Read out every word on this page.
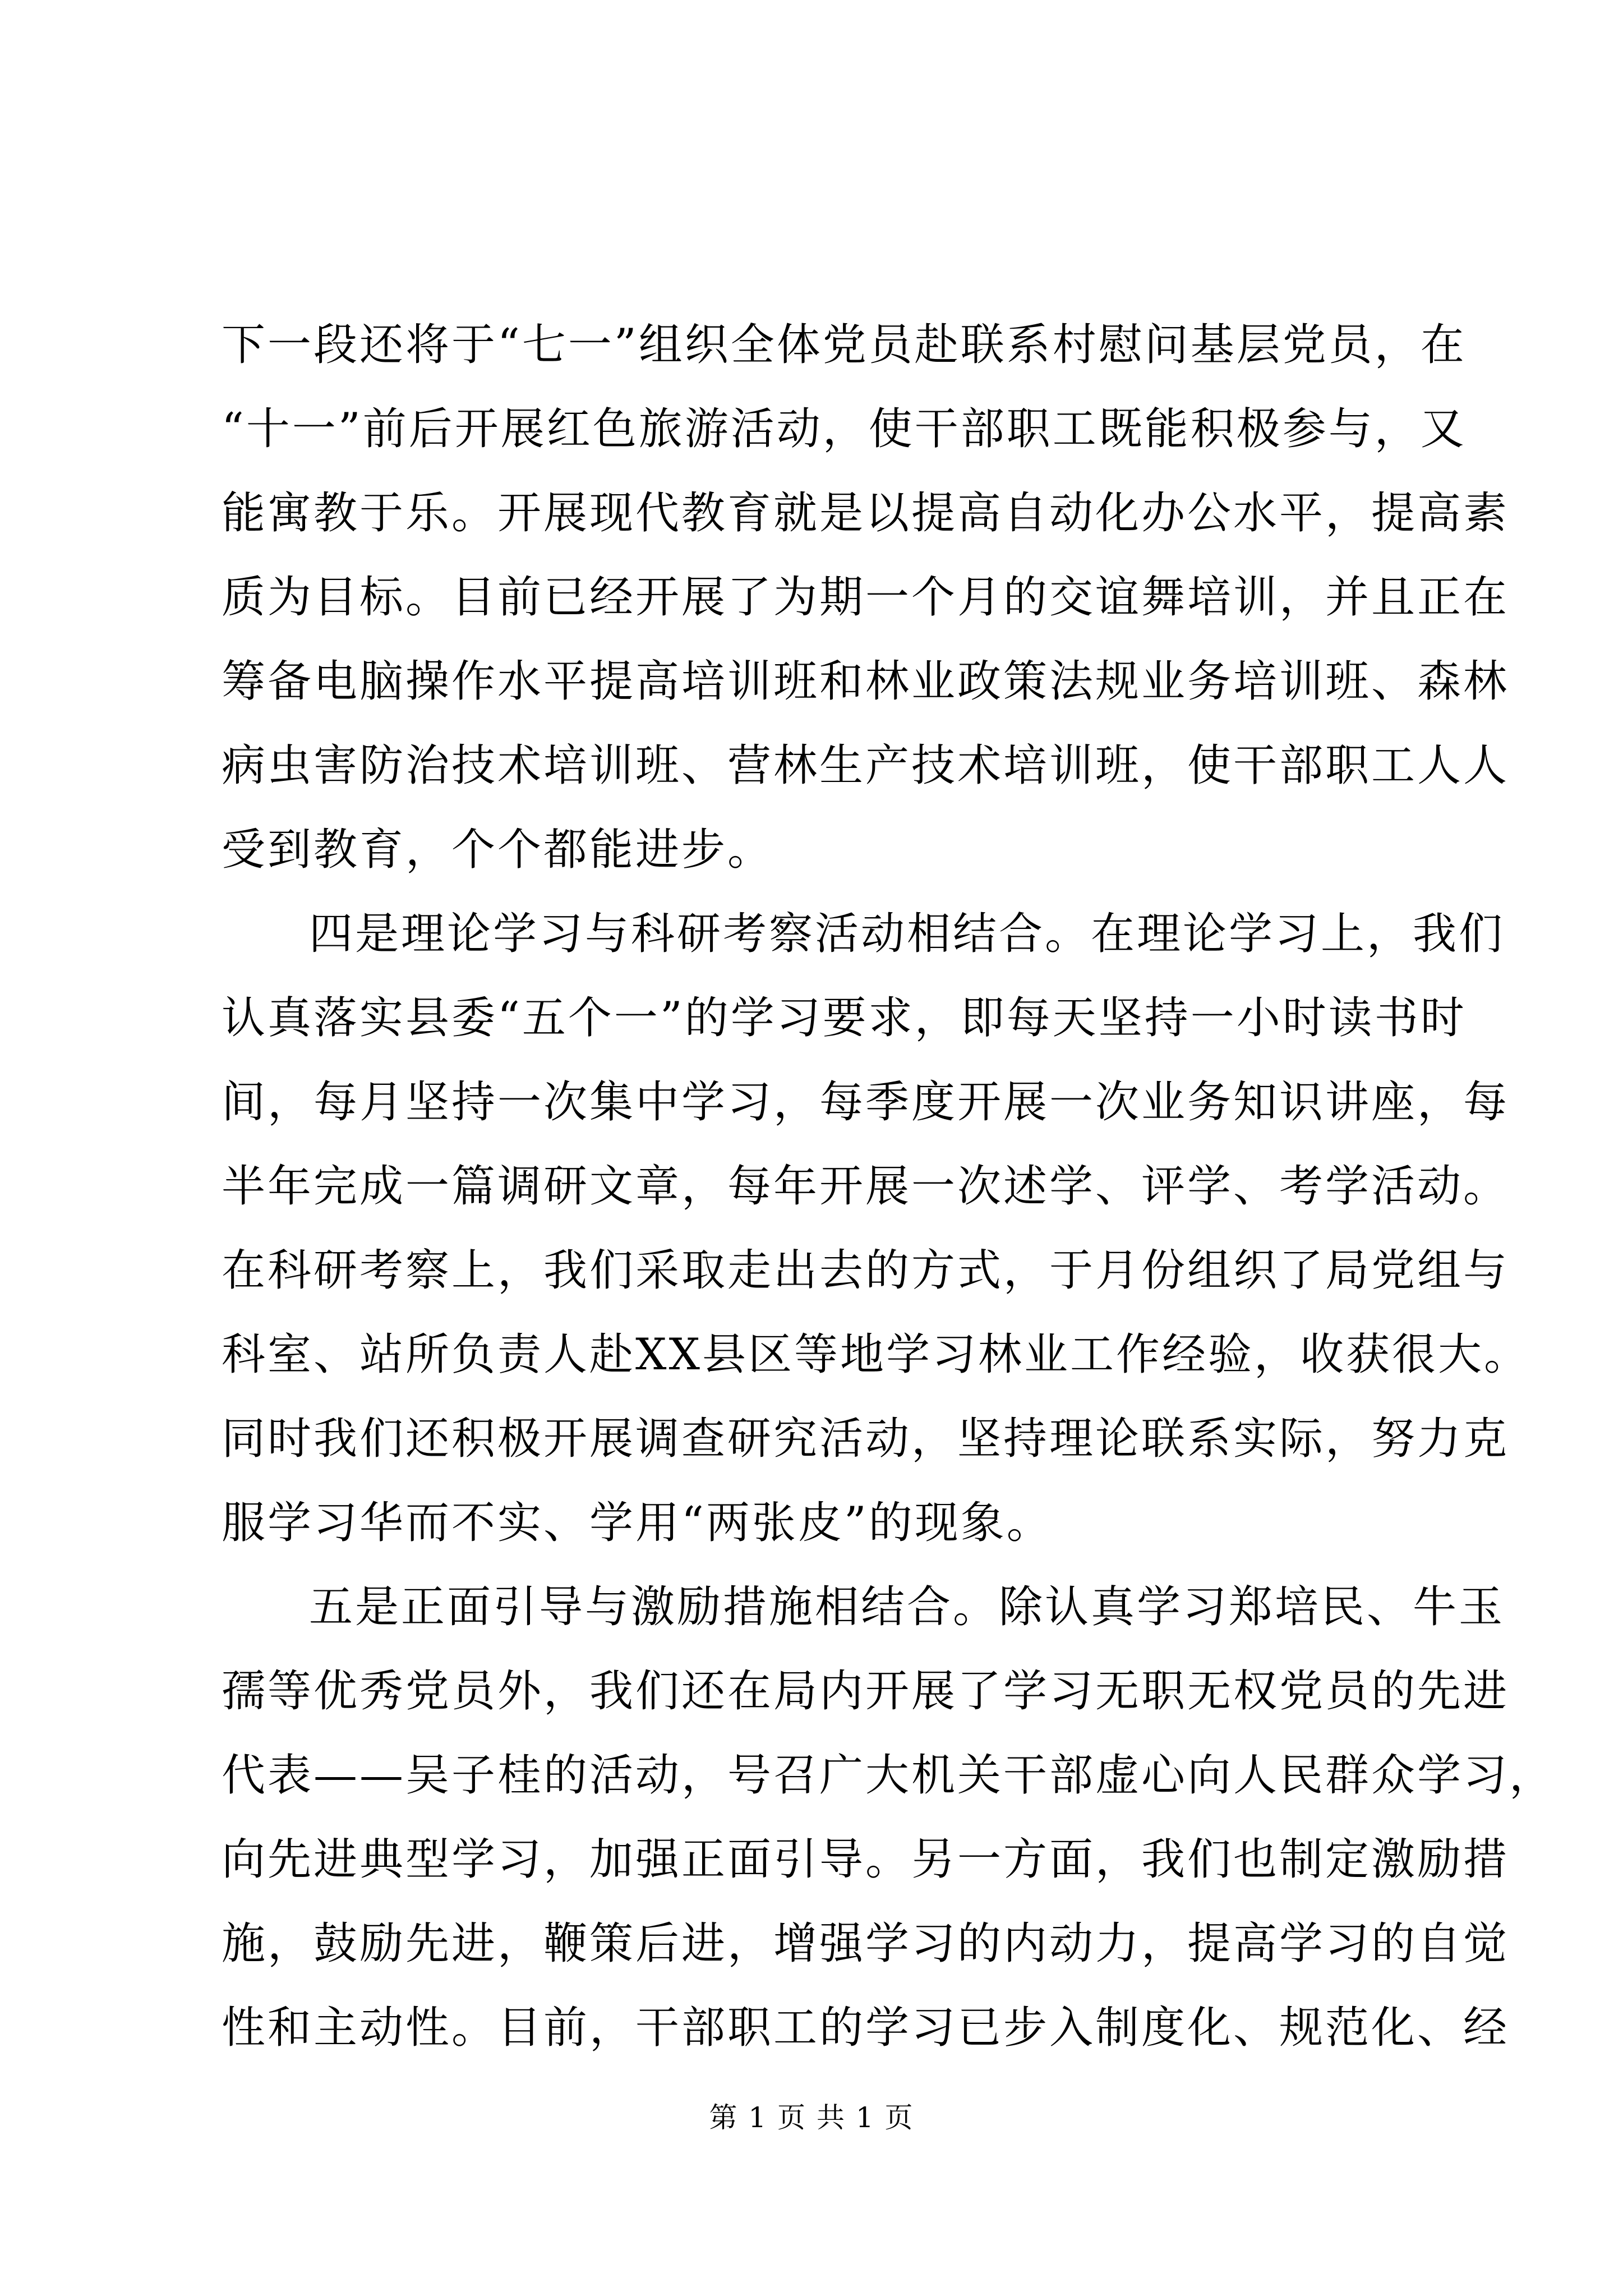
下一段还将于“七一”组织全体党员赴联系村慰问基层党员，在
“十一”前后开展红色旅游活动，使干部职工既能积极参与，又
能寓教于乐。开展现代教育就是以提高自动化办公水平，提高素
质为目标。目前已经开展了为期一个月的交谊舞培训，并且正在
筹备电脑操作水平提高培训班和林业政策法规业务培训班、森林
病虫害防治技术培训班、营林生产技术培训班，使干部职工人人
受到教育，个个都能进步。

四是理论学习与科研考察活动相结合。在理论学习上，我们
认真落实县委“五个一”的学习要求，即每天坚持一小时读书时
间，每月坚持一次集中学习，每季度开展一次业务知识讲座，每
半年完成一篇调研文章，每年开展一次述学、评学、考学活动。
在科研考察上，我们采取走出去的方式，于月份组织了局党组与
科室、站所负责人赴XX县区等地学习林业工作经验，收获很大。
同时我们还积极开展调查研究活动，坚持理论联系实际，努力克
服学习华而不实、学用“两张皮”的现象。

五是正面引导与激励措施相结合。除认真学习郑培民、牛玉
孺等优秀党员外，我们还在局内开展了学习无职无权党员的先进
代表——吴子桂的活动，号召广大机关干部虚心向人民群众学习，
向先进典型学习，加强正面引导。另一方面，我们也制定激励措
施，鼓励先进，鞭策后进，增强学习的内动力，提高学习的自觉
性和主动性。目前，干部职工的学习已步入制度化、规范化、经

第 1 页 共 1 页
